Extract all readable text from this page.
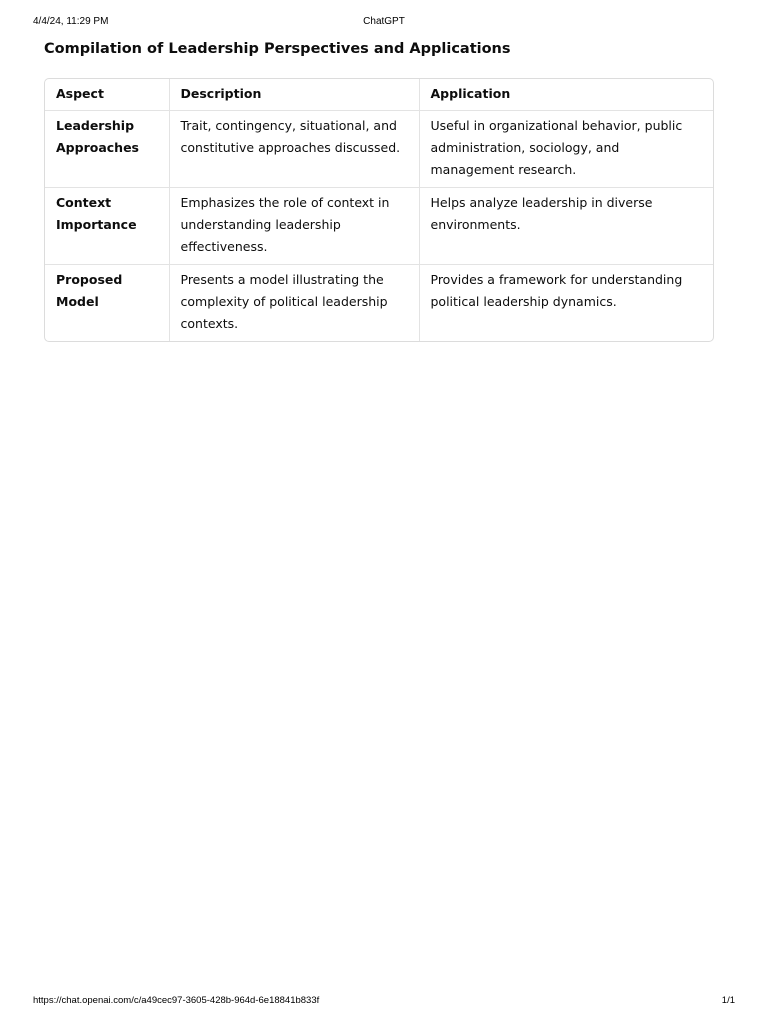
4/4/24, 11:29 PM	ChatGPT
Compilation of Leadership Perspectives and Applications
Aspect	Description	Application
Leadership Approaches	Trait, contingency, situational, and constitutive approaches discussed.	Useful in organizational behavior, public administration, sociology, and management research.
Context Importance	Emphasizes the role of context in understanding leadership effectiveness.	Helps analyze leadership in diverse environments.
Proposed Model	Presents a model illustrating the complexity of political leadership contexts.	Provides a framework for understanding political leadership dynamics.
https://chat.openai.com/c/a49cec97-3605-428b-964d-6e18841b833f	1/1
